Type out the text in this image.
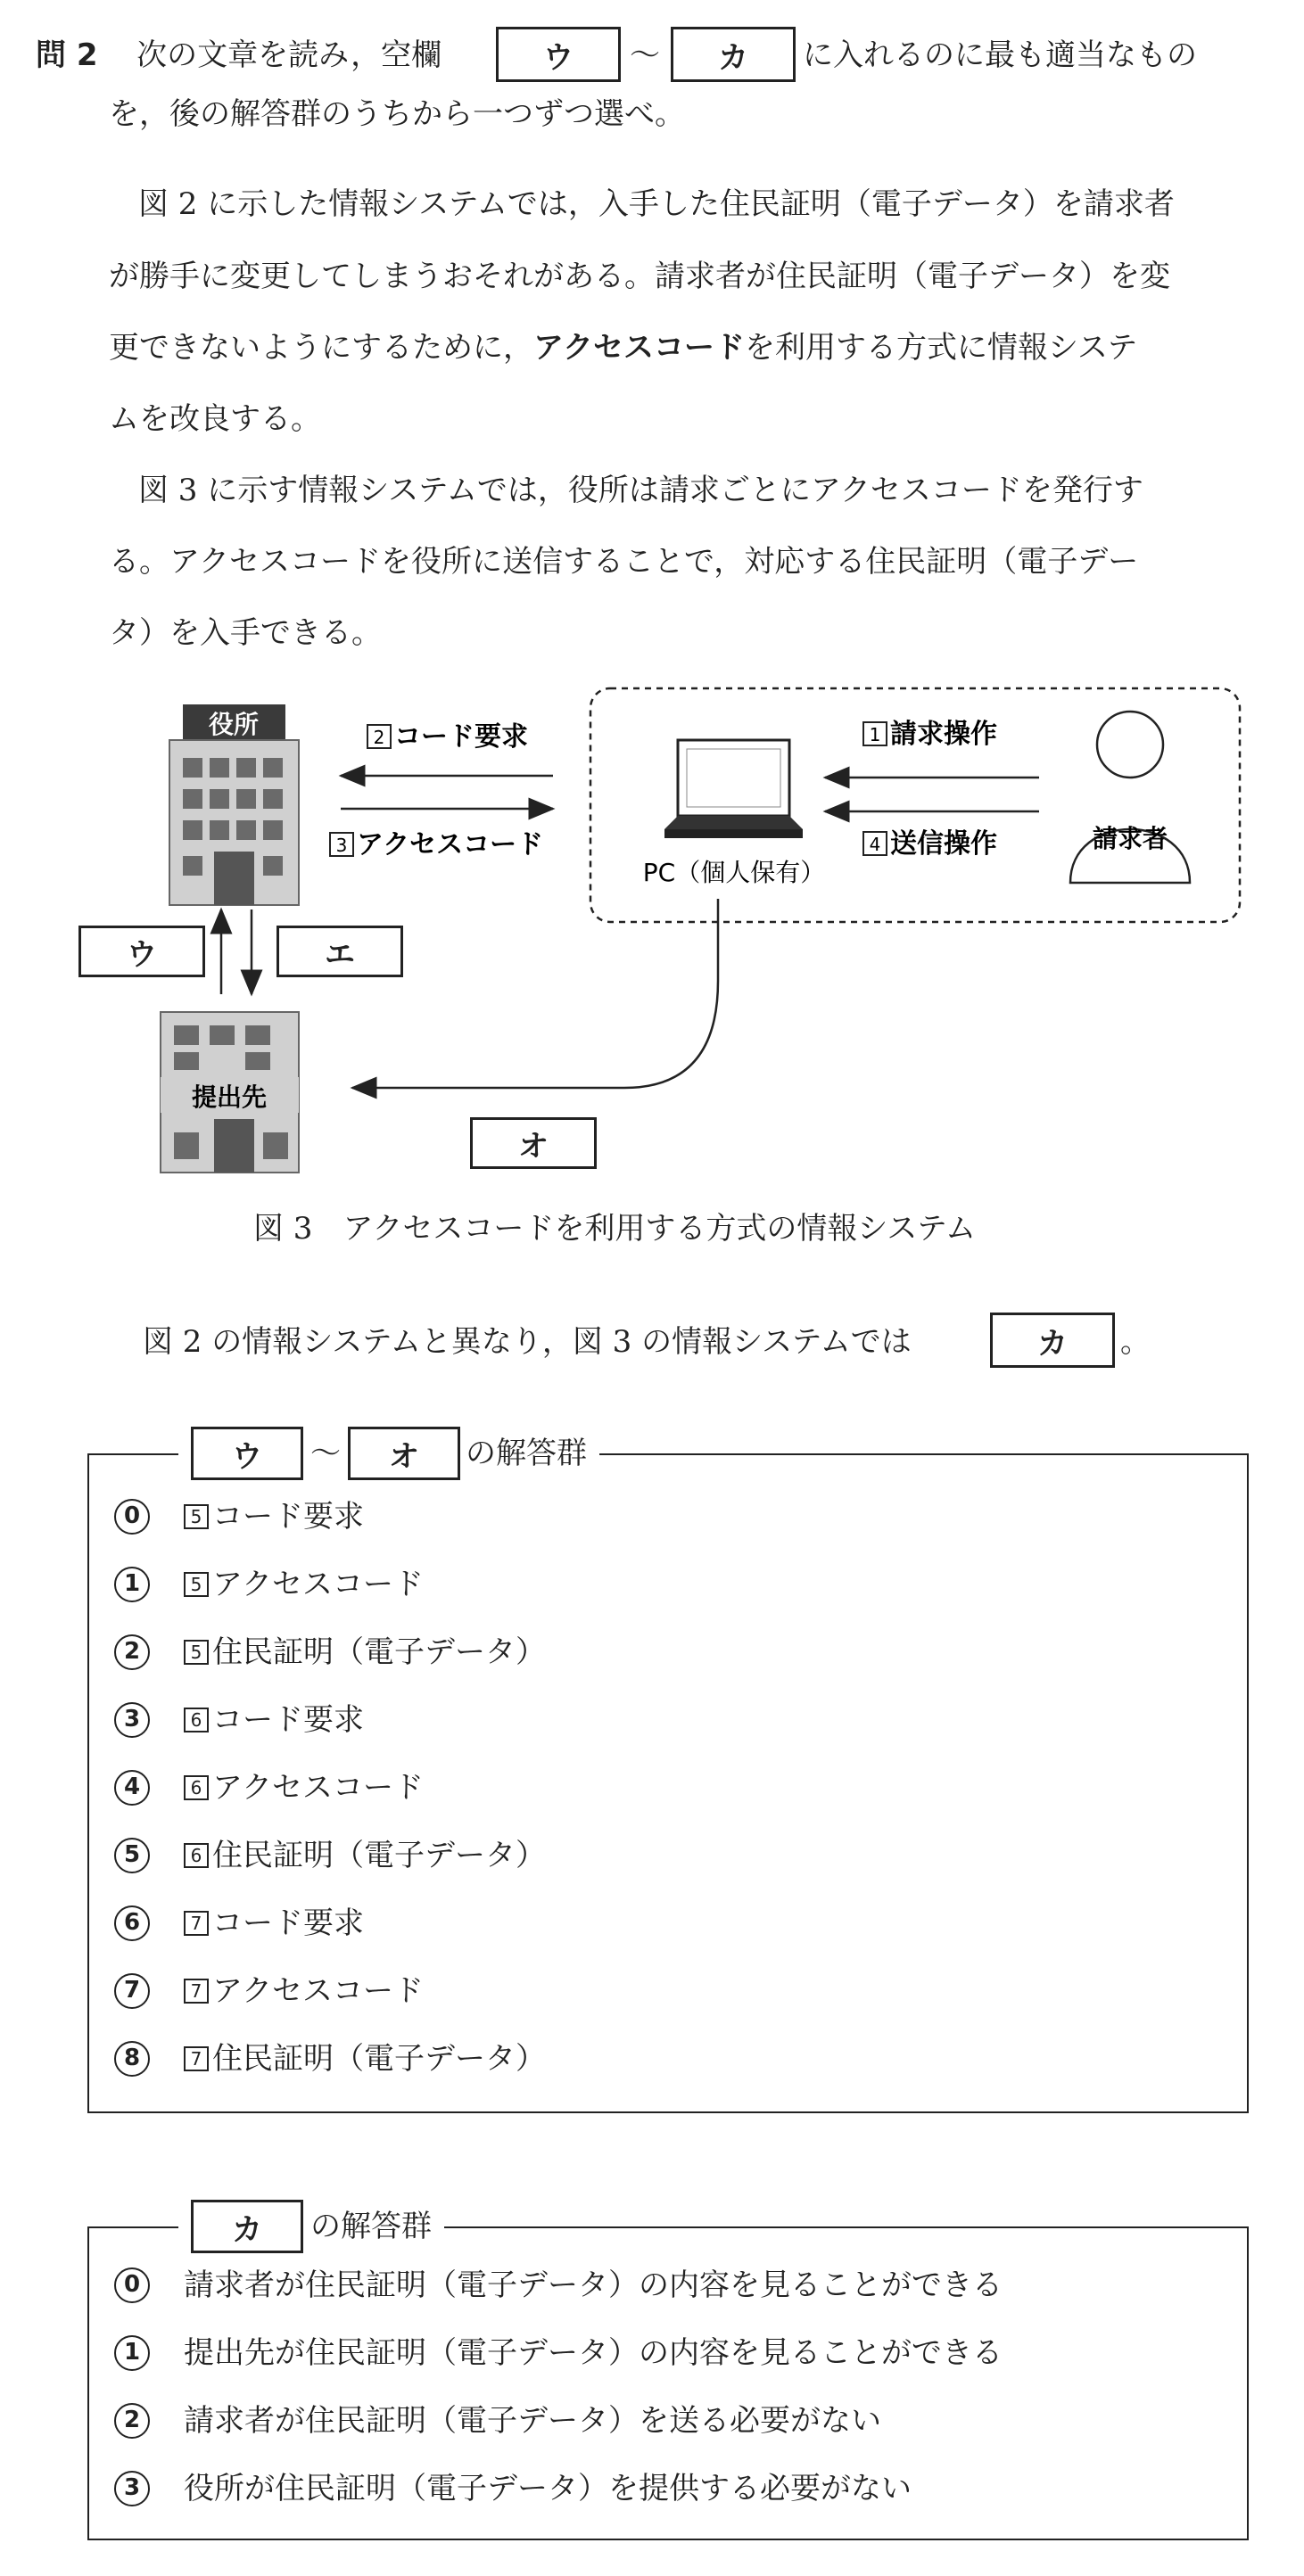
問 2 次の文章を読み，空欄	ウ	～	カ	に入れるのに最も適当なもの
を，後の解答群のうちから一つずつ選べ。
図 2 に示した情報システムでは，入手した住民証明（電子データ）を請求者
が勝手に変更してしまうおそれがある。請求者が住民証明（電子データ）を変
更できないようにするために，アクセスコードを利用する方式に情報システ
ムを改良する。
図 3 に示す情報システムでは，役所は請求ごとにアクセスコードを発行す
る。アクセスコードを役所に送信することで，対応する住民証明（電子デー
タ）を入手できる。
役所	2 コード要求
3 アクセスコード
PC（個人保有）
1 請求操作
4 送信操作	請求者
提出先
ウ	エ
オ
図 3　アクセスコードを利用する方式の情報システム
図 2 の情報システムと異なり，図 3 の情報システムでは	カ	。
ウ	～	オ	の解答群
0	5 コード要求
1	5 アクセスコード
2	5 住民証明（電子データ）
3	6 コード要求
4	6 アクセスコード
5	6 住民証明（電子データ）
6	7 コード要求
7	7 アクセスコード
8	7 住民証明（電子データ）
カ	の解答群
0	請求者が住民証明（電子データ）の内容を見ることができる
1	提出先が住民証明（電子データ）の内容を見ることができる
2	請求者が住民証明（電子データ）を送る必要がない
3	役所が住民証明（電子データ）を提供する必要がない
